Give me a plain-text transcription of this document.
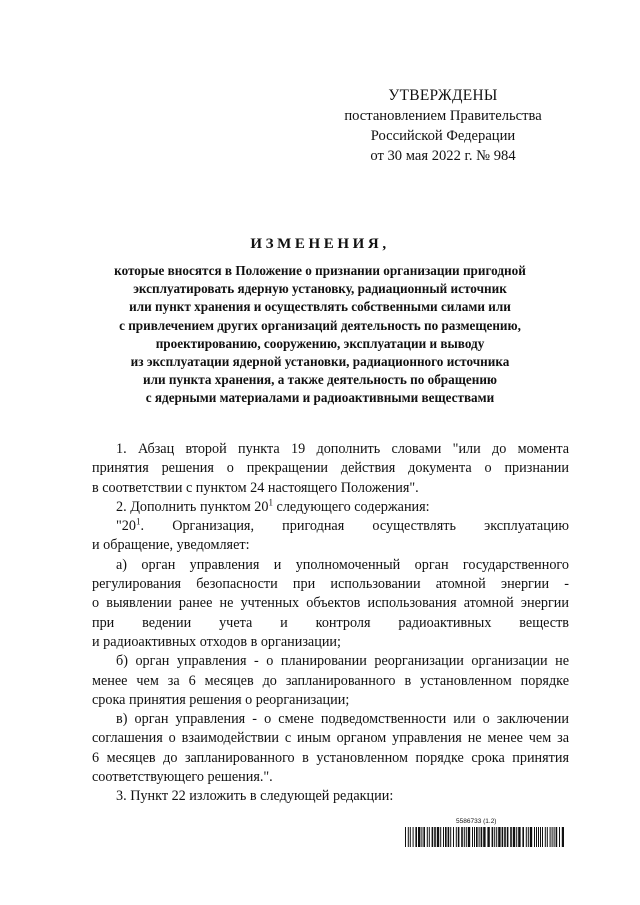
УТВЕРЖДЕНЫ
постановлением Правительства
Российской Федерации
от 30 мая 2022 г. № 984
ИЗМЕНЕНИЯ,
которые вносятся в Положение о признании организации пригодной
эксплуатировать ядерную установку, радиационный источник
или пункт хранения и осуществлять собственными силами или
с привлечением других организаций деятельность по размещению,
проектированию, сооружению, эксплуатации и выводу
из эксплуатации ядерной установки, радиационного источника
или пункта хранения, а также деятельность по обращению
с ядерными материалами и радиоактивными веществами
1. Абзац второй пункта 19 дополнить словами "или до момента
принятия решения о прекращении действия документа о признании
в соответствии с пунктом 24 настоящего Положения".
2. Дополнить пунктом $20^1$ следующего содержания:
"$20^1$. Организация, пригодная осуществлять эксплуатацию
и обращение, уведомляет:
а) орган управления и уполномоченный орган государственного
регулирования безопасности при использовании атомной энергии -
о выявлении ранее не учтенных объектов использования атомной энергии
при ведении учета и контроля радиоактивных веществ
и радиоактивных отходов в организации;
б) орган управления - о планировании реорганизации организации не
менее чем за 6 месяцев до запланированного в установленном порядке
срока принятия решения о реорганизации;
в) орган управления - о смене подведомственности или о заключении
соглашения о взаимодействии с иным органом управления не менее чем за
6 месяцев до запланированного в установленном порядке срока принятия
соответствующего решения.".
3. Пункт 22 изложить в следующей редакции:
5586733 (1.2)
